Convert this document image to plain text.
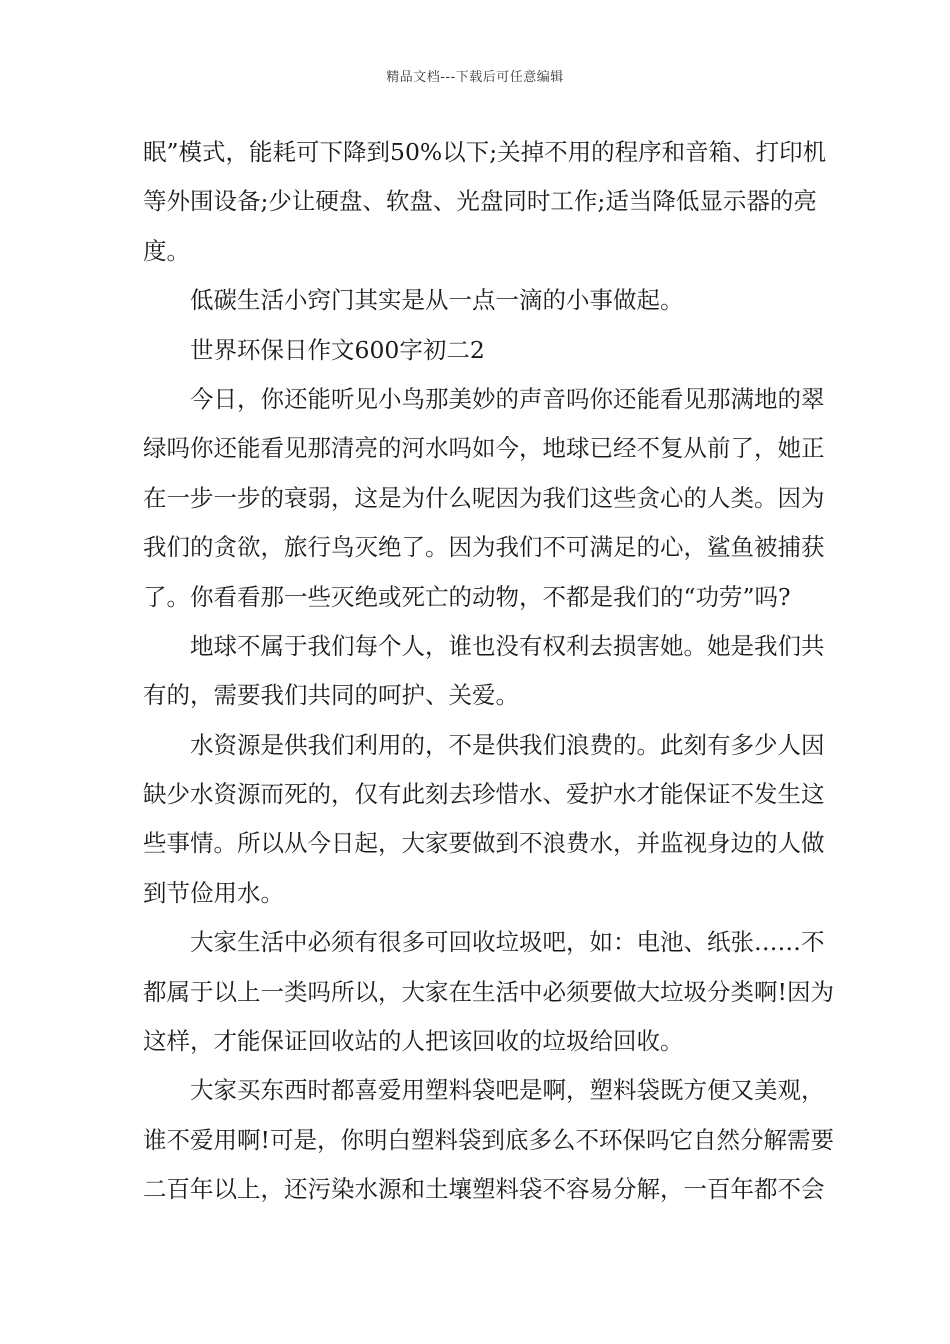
精品文档---下载后可任意编辑
眠”模式，能耗可下降到50%以下;关掉不用的程序和音箱、打印机
等外围设备;少让硬盘、软盘、光盘同时工作;适当降低显示器的亮
度。
低碳生活小窍门其实是从一点一滴的小事做起。
世界环保日作文600字初二2
今日，你还能听见小鸟那美妙的声音吗你还能看见那满地的翠
绿吗你还能看见那清亮的河水吗如今，地球已经不复从前了，她正
在一步一步的衰弱，这是为什么呢因为我们这些贪心的人类。因为
我们的贪欲，旅行鸟灭绝了。因为我们不可满足的心，鲨鱼被捕获
了。你看看那一些灭绝或死亡的动物，不都是我们的“功劳”吗?
地球不属于我们每个人，谁也没有权利去损害她。她是我们共
有的，需要我们共同的呵护、关爱。
水资源是供我们利用的，不是供我们浪费的。此刻有多少人因
缺少水资源而死的，仅有此刻去珍惜水、爱护水才能保证不发生这
些事情。所以从今日起，大家要做到不浪费水，并监视身边的人做
到节俭用水。
大家生活中必须有很多可回收垃圾吧，如：电池、纸张……不
都属于以上一类吗所以，大家在生活中必须要做大垃圾分类啊!因为
这样，才能保证回收站的人把该回收的垃圾给回收。
大家买东西时都喜爱用塑料袋吧是啊，塑料袋既方便又美观，
谁不爱用啊!可是，你明白塑料袋到底多么不环保吗它自然分解需要
二百年以上，还污染水源和土壤塑料袋不容易分解，一百年都不会
